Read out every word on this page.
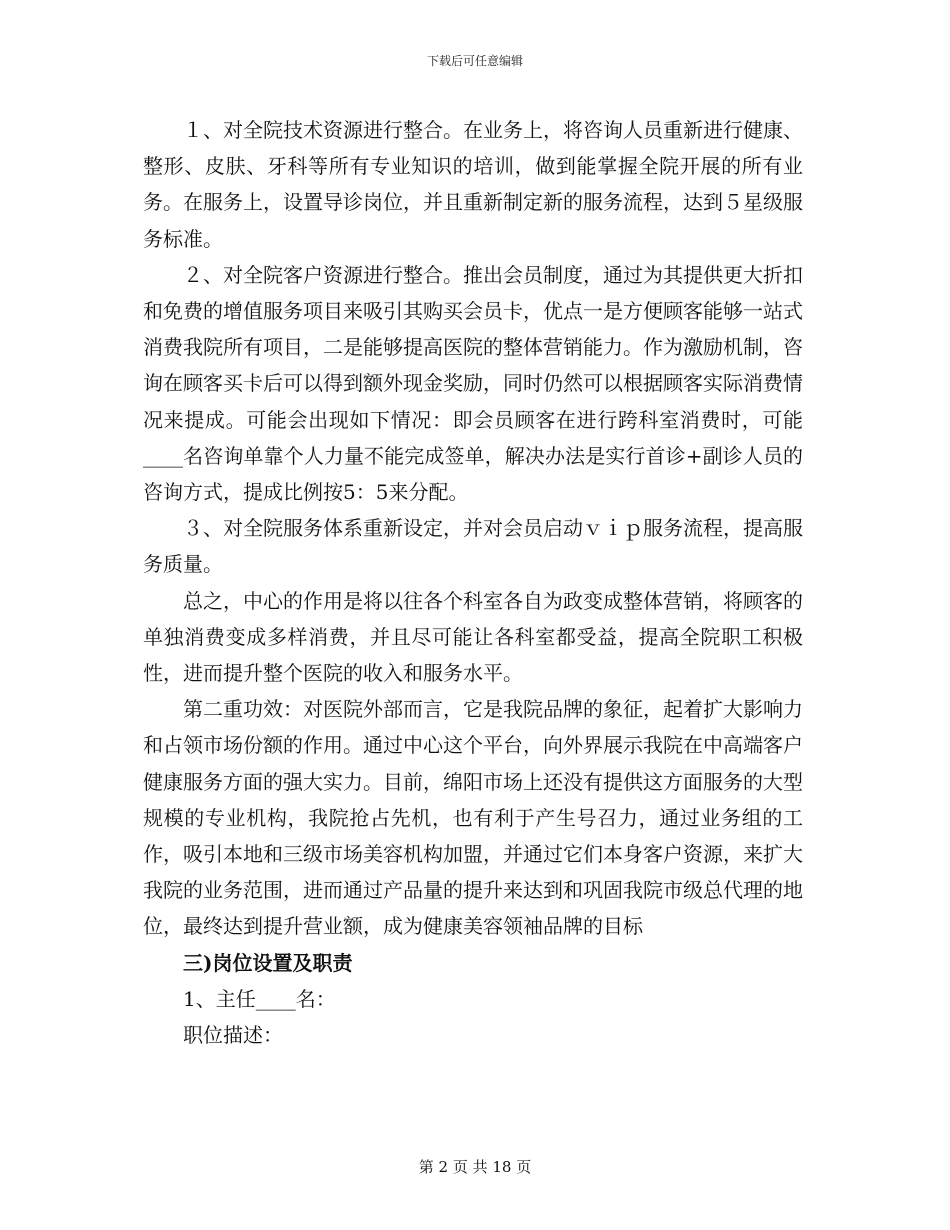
下载后可任意编辑

１、对全院技术资源进行整合。在业务上，将咨询人员重新进行健康、整形、皮肤、牙科等所有专业知识的培训，做到能掌握全院开展的所有业务。在服务上，设置导诊岗位，并且重新制定新的服务流程，达到５星级服务标准。

２、对全院客户资源进行整合。推出会员制度，通过为其提供更大折扣和免费的增值服务项目来吸引其购买会员卡，优点一是方便顾客能够一站式消费我院所有项目，二是能够提高医院的整体营销能力。作为激励机制，咨询在顾客买卡后可以得到额外现金奖励，同时仍然可以根据顾客实际消费情况来提成。可能会出现如下情况：即会员顾客在进行跨科室消费时，可能____名咨询单靠个人力量不能完成签单，解决办法是实行首诊+副诊人员的咨询方式，提成比例按5：5来分配。

３、对全院服务体系重新设定，并对会员启动ｖｉｐ服务流程，提高服务质量。

总之，中心的作用是将以往各个科室各自为政变成整体营销，将顾客的单独消费变成多样消费，并且尽可能让各科室都受益，提高全院职工积极性，进而提升整个医院的收入和服务水平。

第二重功效：对医院外部而言，它是我院品牌的象征，起着扩大影响力和占领市场份额的作用。通过中心这个平台，向外界展示我院在中高端客户健康服务方面的强大实力。目前，绵阳市场上还没有提供这方面服务的大型规模的专业机构，我院抢占先机，也有利于产生号召力，通过业务组的工作，吸引本地和三级市场美容机构加盟，并通过它们本身客户资源，来扩大我院的业务范围，进而通过产品量的提升来达到和巩固我院市级总代理的地位，最终达到提升营业额，成为健康美容领袖品牌的目标

三)岗位设置及职责

1、主任____名：

职位描述：

第 2 页 共 18 页
